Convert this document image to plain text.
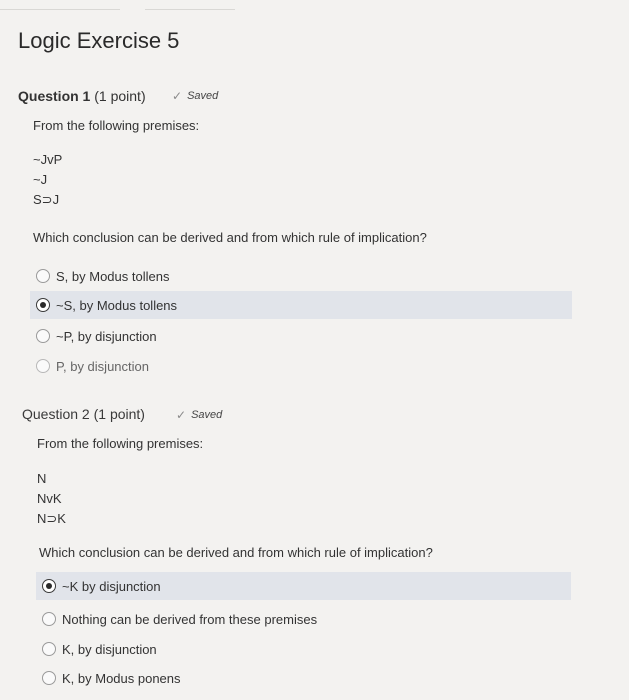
Logic Exercise 5
Question 1 (1 point) ✓ Saved
From the following premises:
~JvP
~J
S⊃J
Which conclusion can be derived and from which rule of implication?
S, by Modus tollens
~S, by Modus tollens
~P, by disjunction
P, by disjunction
Question 2 (1 point)	✓ Saved
From the following premises:
N
NvK
N⊃K
Which conclusion can be derived and from which rule of implication?
~K by disjunction
Nothing can be derived from these premises
K, by disjunction
K, by Modus ponens
